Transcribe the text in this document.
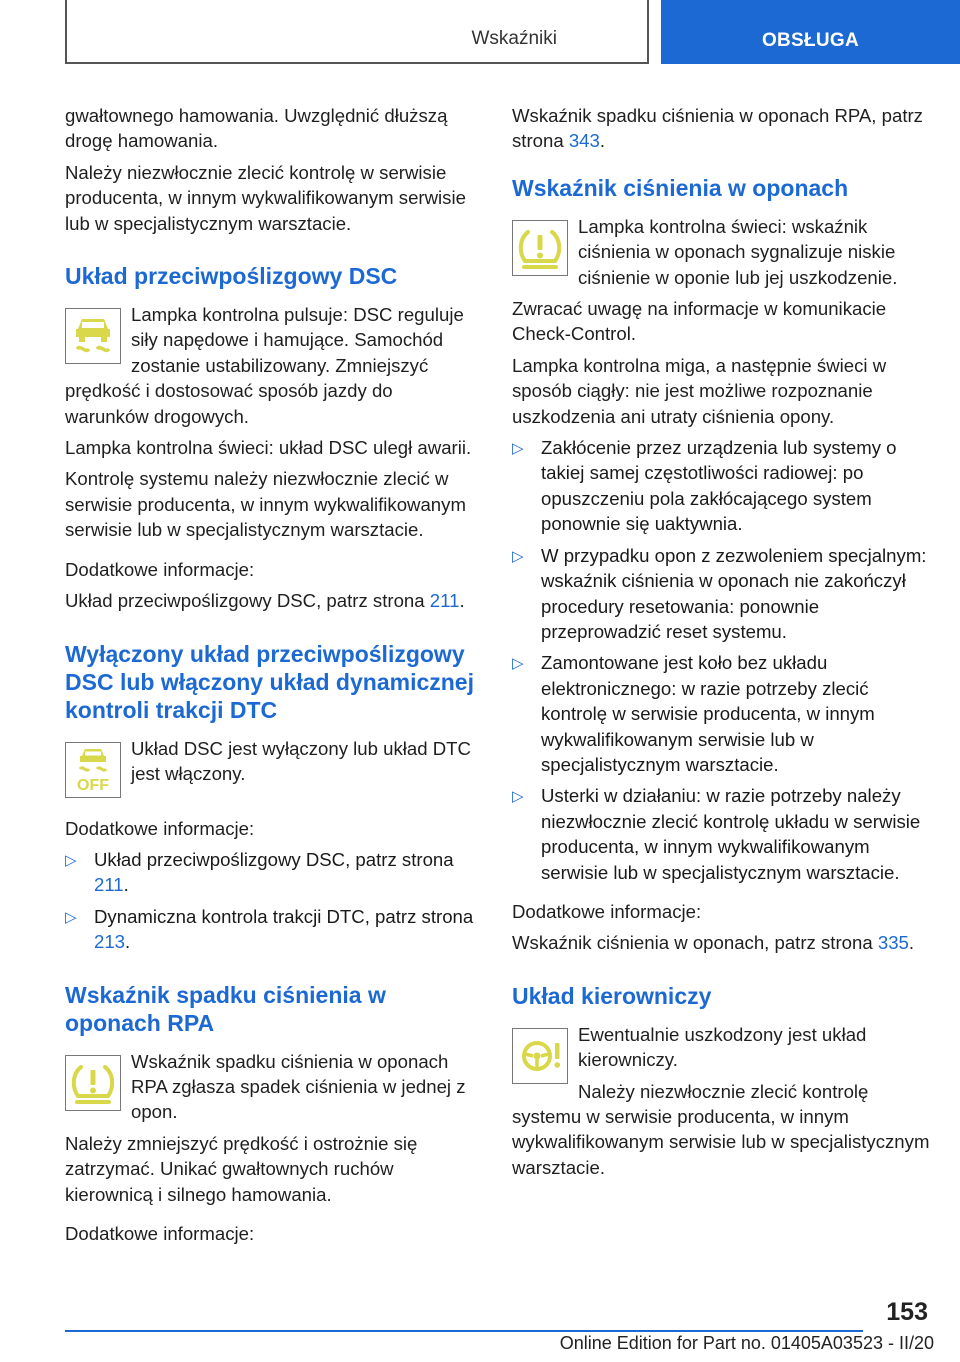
Wskaźniki	OBSŁUGA

gwałtownego hamowania. Uwzględnić dłuższą drogę hamowania.

Należy niezwłocznie zlecić kontrolę w serwisie producenta, w innym wykwalifikowanym serwisie lub w specjalistycznym warsztacie.

Układ przeciwpoślizgowy DSC

Lampka kontrolna pulsuje: DSC reguluje siły napędowe i hamujące. Samochód zostanie ustabilizowany. Zmniejszyć prędkość i dostosować sposób jazdy do warunków drogowych.

Lampka kontrolna świeci: układ DSC uległ awarii.

Kontrolę systemu należy niezwłocznie zlecić w serwisie producenta, w innym wykwalifikowanym serwisie lub w specjalistycznym warsztacie.

Dodatkowe informacje:

Układ przeciwpoślizgowy DSC, patrz strona 211.

Wyłączony układ przeciwpoślizgowy DSC lub włączony układ dynamicznej kontroli trakcji DTC
OFF

Układ DSC jest wyłączony lub układ DTC jest włączony.

Dodatkowe informacje:

▷ Układ przeciwpoślizgowy DSC, patrz strona 211.
▷ Dynamiczna kontrola trakcji DTC, patrz strona 213.
Wskaźnik spadku ciśnienia w oponach RPA

Wskaźnik spadku ciśnienia w oponach RPA zgłasza spadek ciśnienia w jednej z opon.

Należy zmniejszyć prędkość i ostrożnie się zatrzymać. Unikać gwałtownych ruchów kierownicą i silnego hamowania.

Dodatkowe informacje:

Wskaźnik spadku ciśnienia w oponach RPA, patrz strona 343.

Wskaźnik ciśnienia w oponach

Lampka kontrolna świeci: wskaźnik ciśnienia w oponach sygnalizuje niskie ciśnienie w oponie lub jej uszkodzenie.

Zwracać uwagę na informacje w komunikacie Check-Control.

Lampka kontrolna miga, a następnie świeci w sposób ciągły: nie jest możliwe rozpoznanie uszkodzenia ani utraty ciśnienia opony.

▷ Zakłócenie przez urządzenia lub systemy o takiej samej częstotliwości radiowej: po opuszczeniu pola zakłócającego system ponownie się uaktywnia.
▷ W przypadku opon z zezwoleniem specjalnym: wskaźnik ciśnienia w oponach nie zakończył procedury resetowania: ponownie przeprowadzić reset systemu.
▷ Zamontowane jest koło bez układu elektronicznego: w razie potrzeby zlecić kontrolę w serwisie producenta, w innym wykwalifikowanym serwisie lub w specjalistycznym warsztacie.
▷ Usterki w działaniu: w razie potrzeby należy niezwłocznie zlecić kontrolę układu w serwisie producenta, w innym wykwalifikowanym serwisie lub w specjalistycznym warsztacie.

Dodatkowe informacje:

Wskaźnik ciśnienia w oponach, patrz strona 335.

Układ kierowniczy

Ewentualnie uszkodzony jest układ kierowniczy.

Należy niezwłocznie zlecić kontrolę systemu w serwisie producenta, w innym wykwalifikowanym serwisie lub w specjalistycznym warsztacie.

153
Online Edition for Part no. 01405A03523 - II/20
